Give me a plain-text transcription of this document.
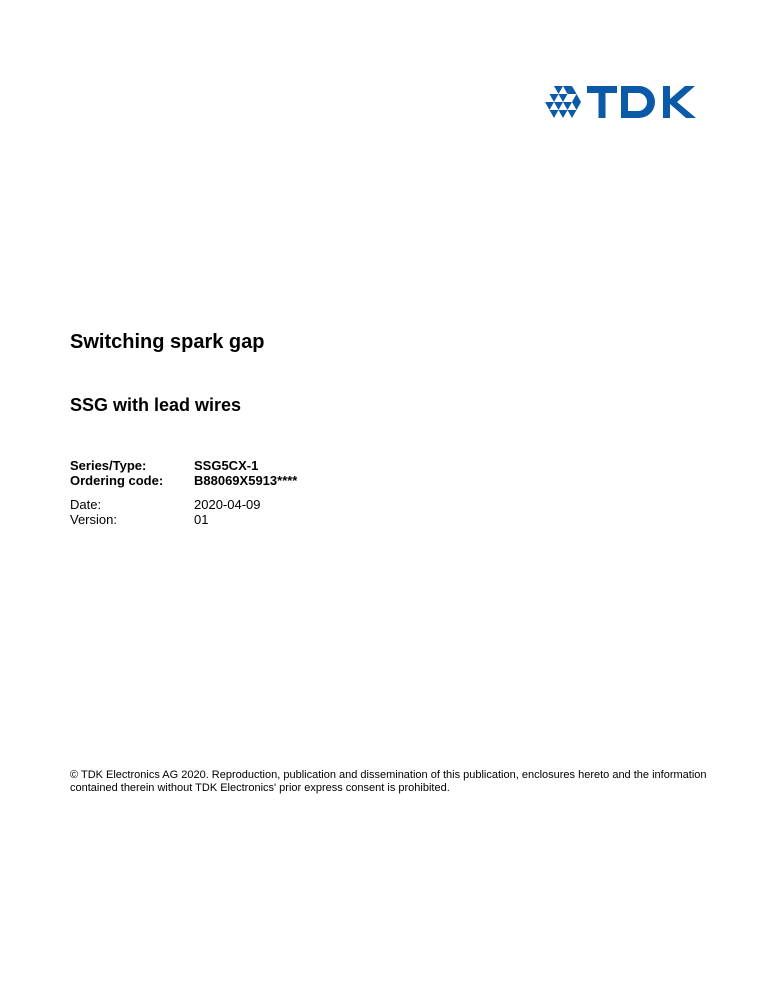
Switching spark gap
SSG with lead wires
Series/Type:	SSG5CX-1
Ordering code:	B88069X5913****
Date:	2020-04-09
Version:	01

© TDK Electronics AG 2020. Reproduction, publication and dissemination of this publication, enclosures hereto and the information contained therein without TDK Electronics' prior express consent is prohibited.
